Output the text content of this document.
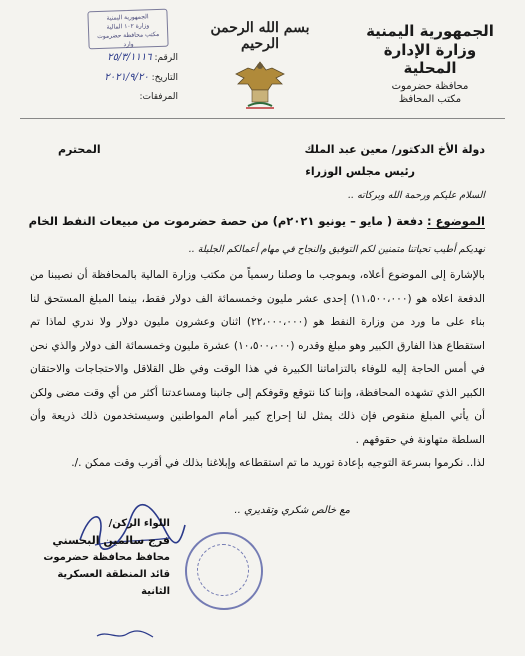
الجمهورية اليمنية
وزارة الإدارة المحلية
محافظة حضرموت
مكتب المحافظ
بسم الله الرحمن الرحيم
الجمهورية اليمنية
وزارة ١٠٢ المالية
مكتب محافظة حضرموت
وارد
الرقم: ٢٥/٣/١١١٦
التاريخ: ٢٠٢١/٩/٢٠
المرفقات:
دولة الأخ الدكتور/ معين عبد الملك
المحترم
رئيس مجلس الوزراء
السلام عليكم ورحمة الله وبركاته ..
الموضوع : دفعة ( مايو – يونيو ٢٠٢١م) من حصة حضرموت من مبيعات النفط الخام
نهديكم أطيب تحياتنا متمنين لكم التوفيق والنجاح في مهام أعمالكم الجليلة ..
بالإشارة إلى الموضوع أعلاه، وبموجب ما وصلنا رسمياً من مكتب وزارة المالية بالمحافظة أن نصيبنا من الدفعة اعلاه هو (١١،٥٠٠،٠٠٠) إحدى عشر مليون وخمسمائة الف دولار فقط، بينما المبلغ المستحق لنا بناء على ما ورد من وزارة النفط هو (٢٢،٠٠٠،٠٠٠) اثنان وعشرون مليون دولار ولا ندري لماذا تم استقطاع هذا الفارق الكبير وهو مبلغ وقدره (١٠،٥٠٠،٠٠٠) عشرة مليون وخمسمائة الف دولار والذي نحن في أمس الحاجة إليه للوفاء بالتزاماتنا الكبيرة في هذا الوقت وفي ظل القلاقل والاحتجاجات والاحتقان الكبير الذي تشهده المحافظة، وإننا كنا نتوقع وقوفكم إلى جانبنا ومساعدتنا أكثر من أي وقت مضى ولكن أن يأتي المبلغ منقوص فإن ذلك يمثل لنا إحراج كبير أمام المواطنين وسيستخدمون ذلك ذريعة وأن السلطة متهاونة في حقوقهم .
لذا.. نكرموا بسرعة التوجيه بإعادة توريد ما تم استقطاعه وإبلاغنا بذلك في أقرب وقت ممكن ./.
مع خالص شكري وتقديري ..
اللواء الركن/
فرج سالمين البحسني
محافظ محافظة حضرموت
قائد المنطقة العسكرية الثانية
